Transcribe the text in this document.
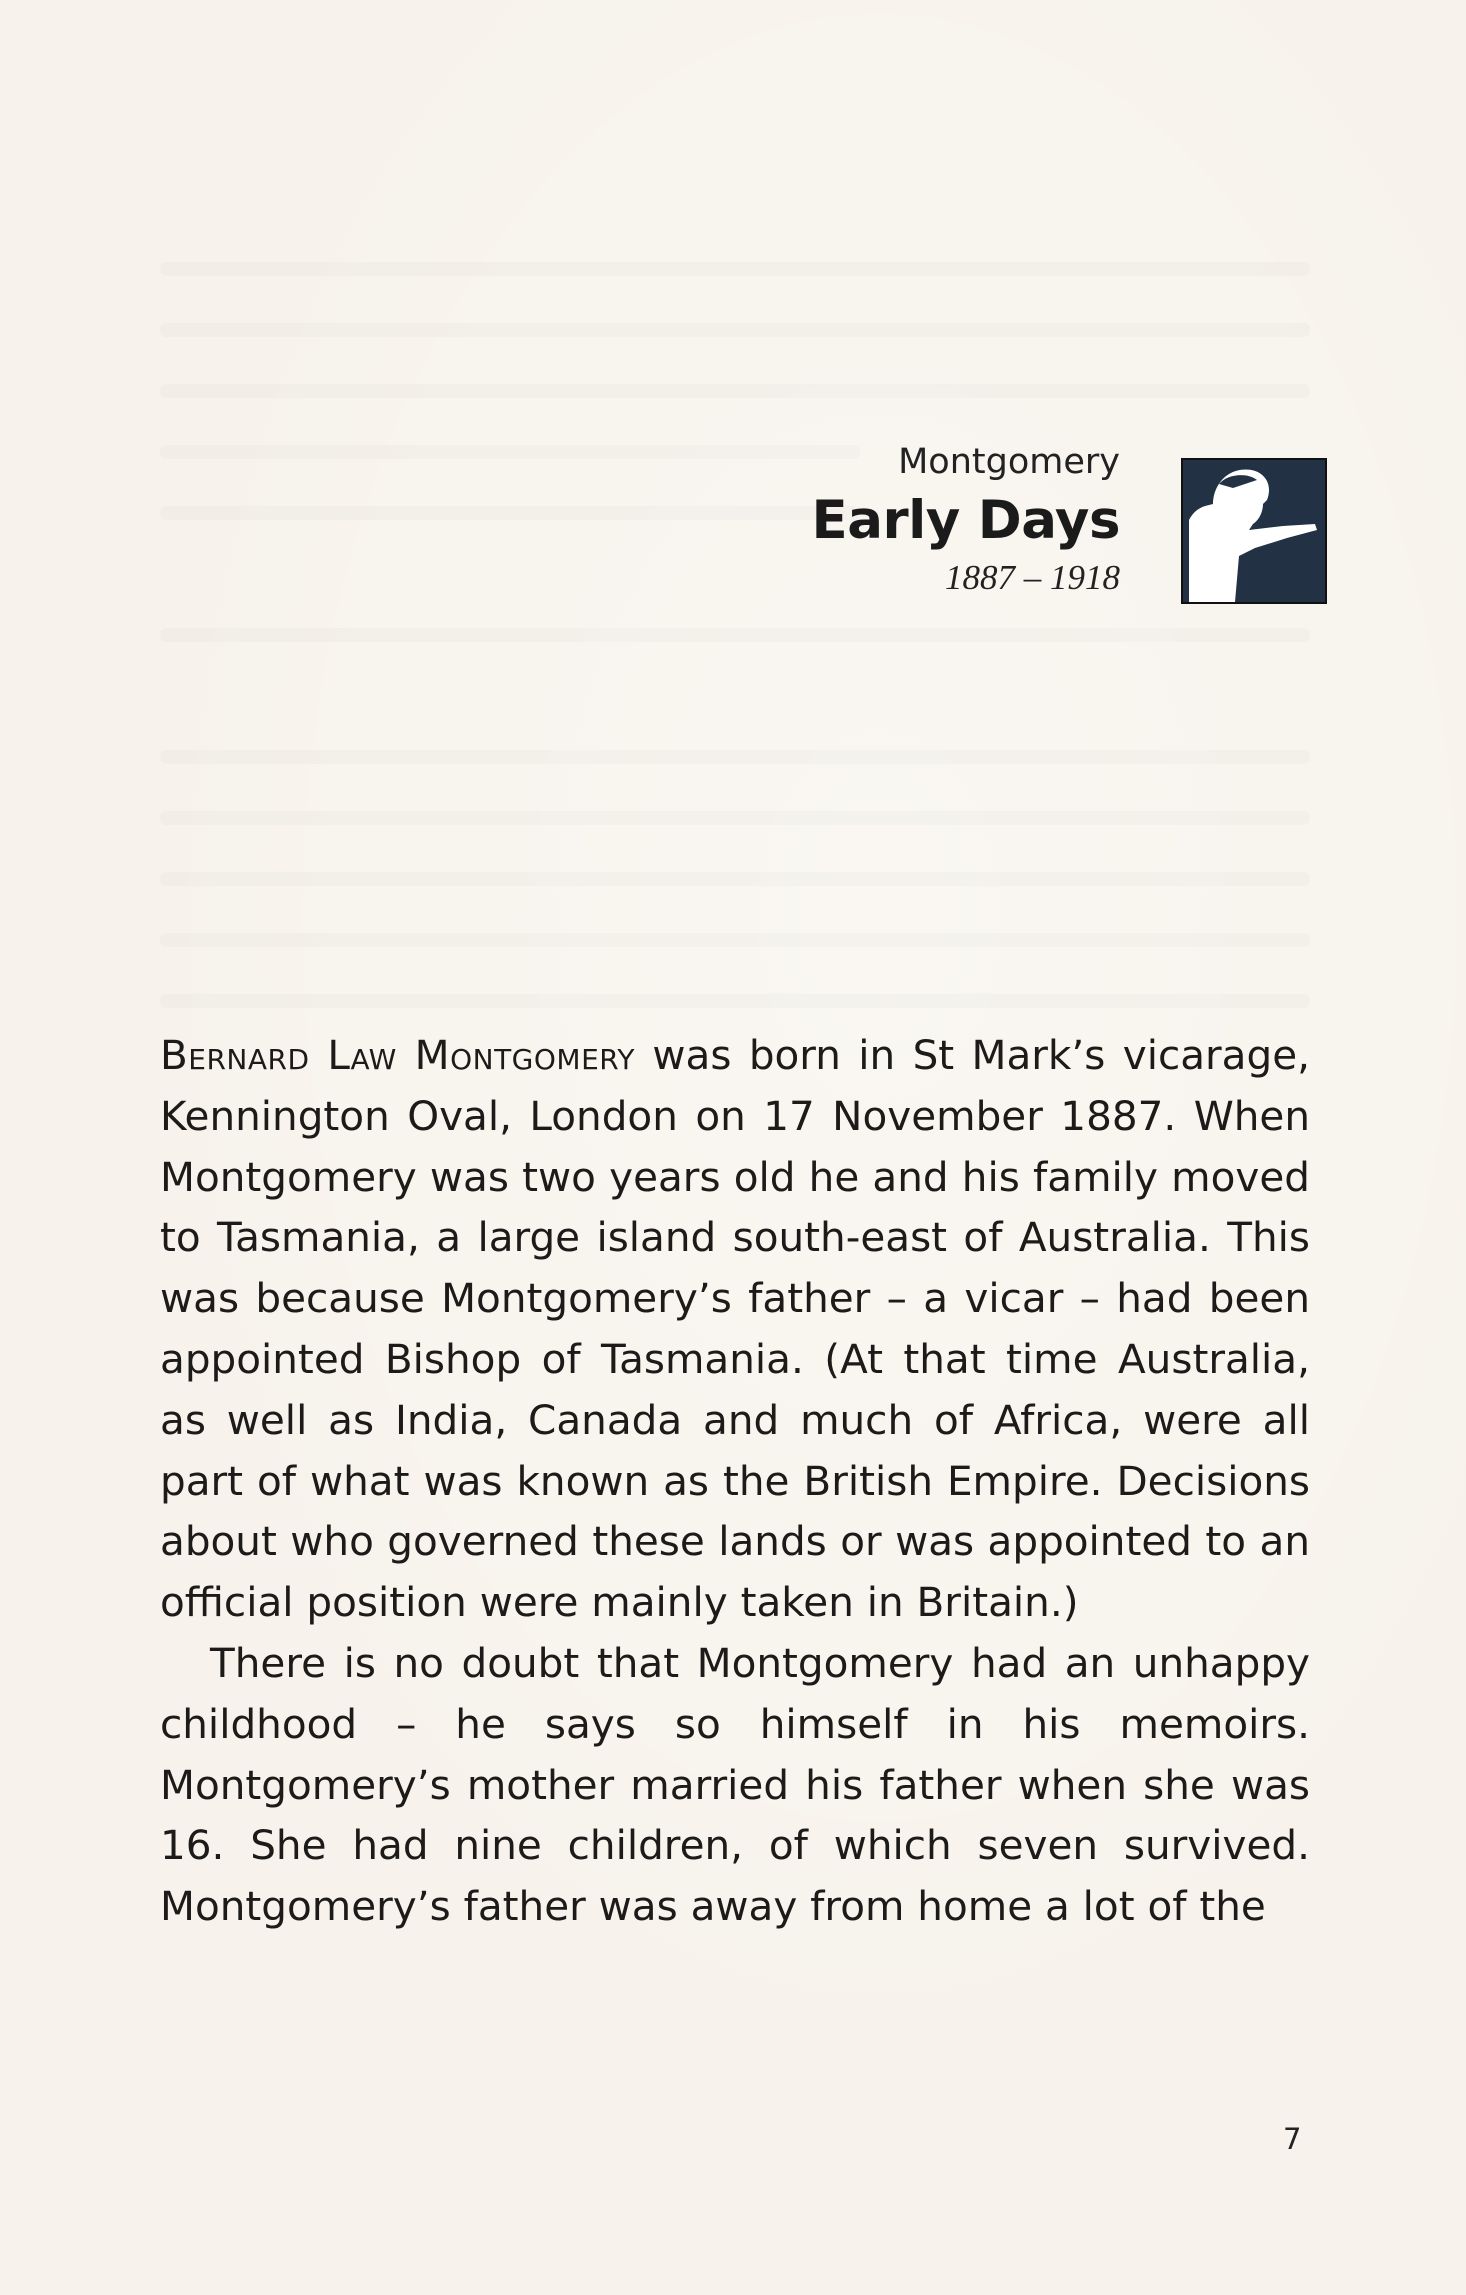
Montgomery
Early Days
1887 – 1918

Bernard Law Montgomery was born in St Mark’s vicarage, Kennington Oval, London on 17 November 1887. When Montgomery was two years old he and his family moved to Tasmania, a large island south-east of Australia. This was because Montgomery’s father – a vicar – had been appointed Bishop of Tasmania. (At that time Australia, as well as India, Canada and much of Africa, were all part of what was known as the British Empire. Decisions about who governed these lands or was appointed to an official position were mainly taken in Britain.)

There is no doubt that Montgomery had an unhappy childhood – he says so himself in his memoirs. Montgomery’s mother married his father when she was 16. She had nine children, of which seven survived. Montgomery’s father was away from home a lot of the

7
